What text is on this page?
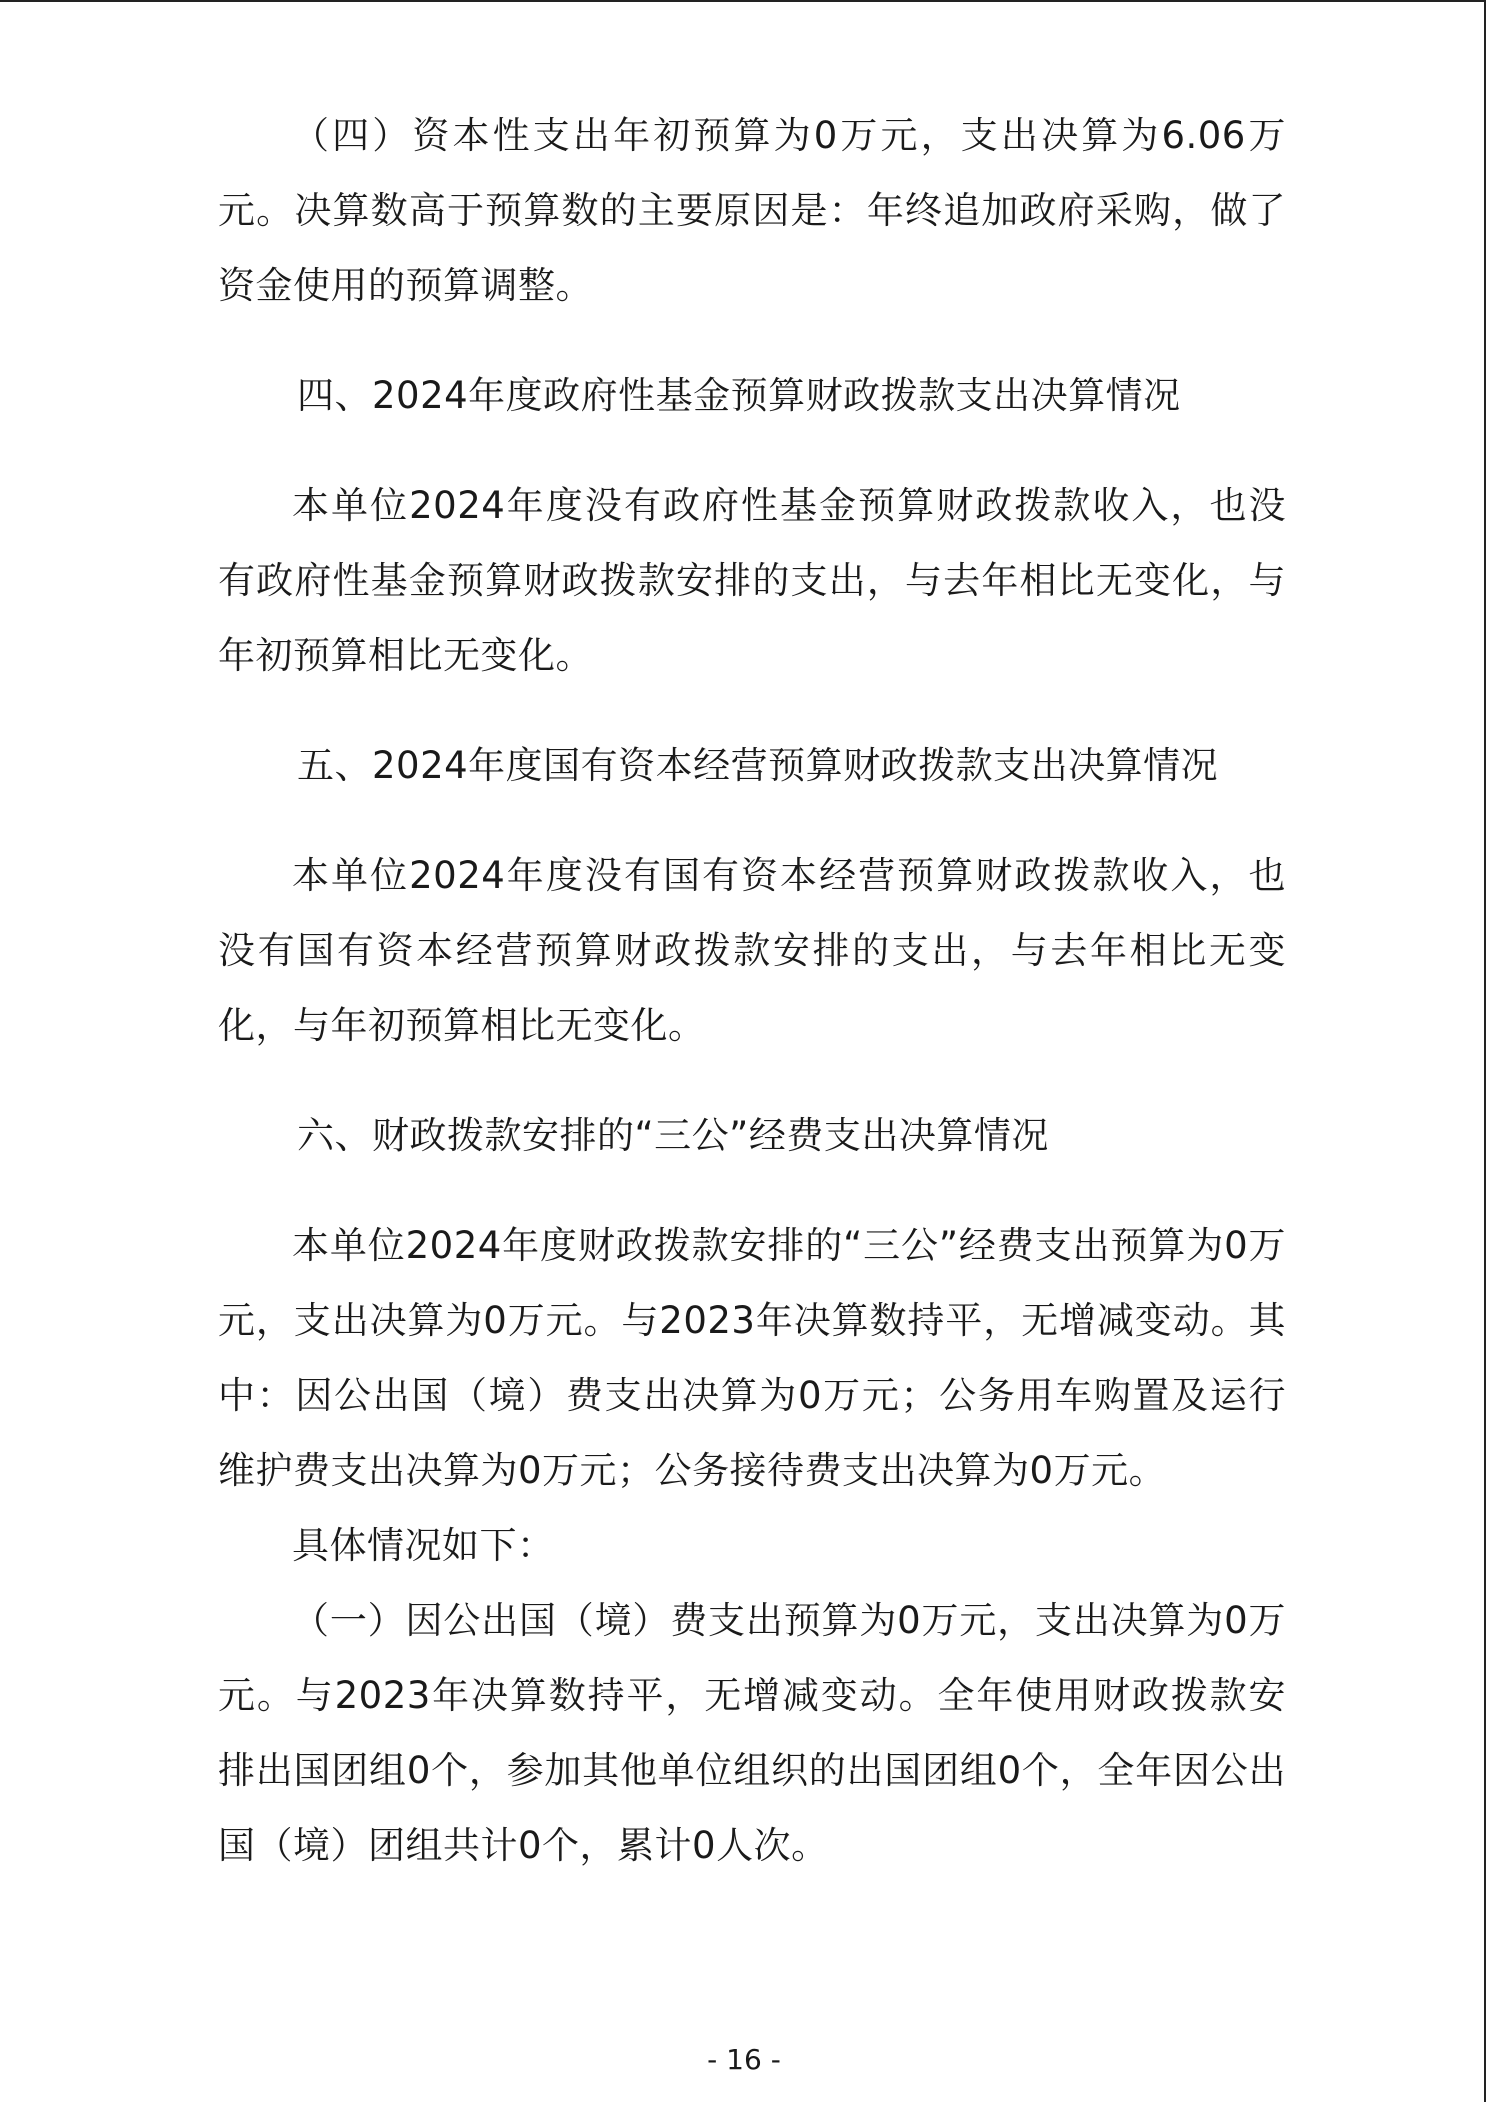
（四）资本性支出年初预算为0万元，支出决算为6.06万元。决算数高于预算数的主要原因是：年终追加政府采购，做了资金使用的预算调整。

四、2024年度政府性基金预算财政拨款支出决算情况

本单位2024年度没有政府性基金预算财政拨款收入，也没有政府性基金预算财政拨款安排的支出，与去年相比无变化，与年初预算相比无变化。

五、2024年度国有资本经营预算财政拨款支出决算情况

本单位2024年度没有国有资本经营预算财政拨款收入，也没有国有资本经营预算财政拨款安排的支出，与去年相比无变化，与年初预算相比无变化。

六、财政拨款安排的“三公”经费支出决算情况

本单位2024年度财政拨款安排的“三公”经费支出预算为0万元，支出决算为0万元。与2023年决算数持平，无增减变动。其中：因公出国（境）费支出决算为0万元；公务用车购置及运行维护费支出决算为0万元；公务接待费支出决算为0万元。

具体情况如下：

（一）因公出国（境）费支出预算为0万元，支出决算为0万元。与2023年决算数持平，无增减变动。全年使用财政拨款安排出国团组0个，参加其他单位组织的出国团组0个，全年因公出国（境）团组共计0个，累计0人次。

- 16 -
